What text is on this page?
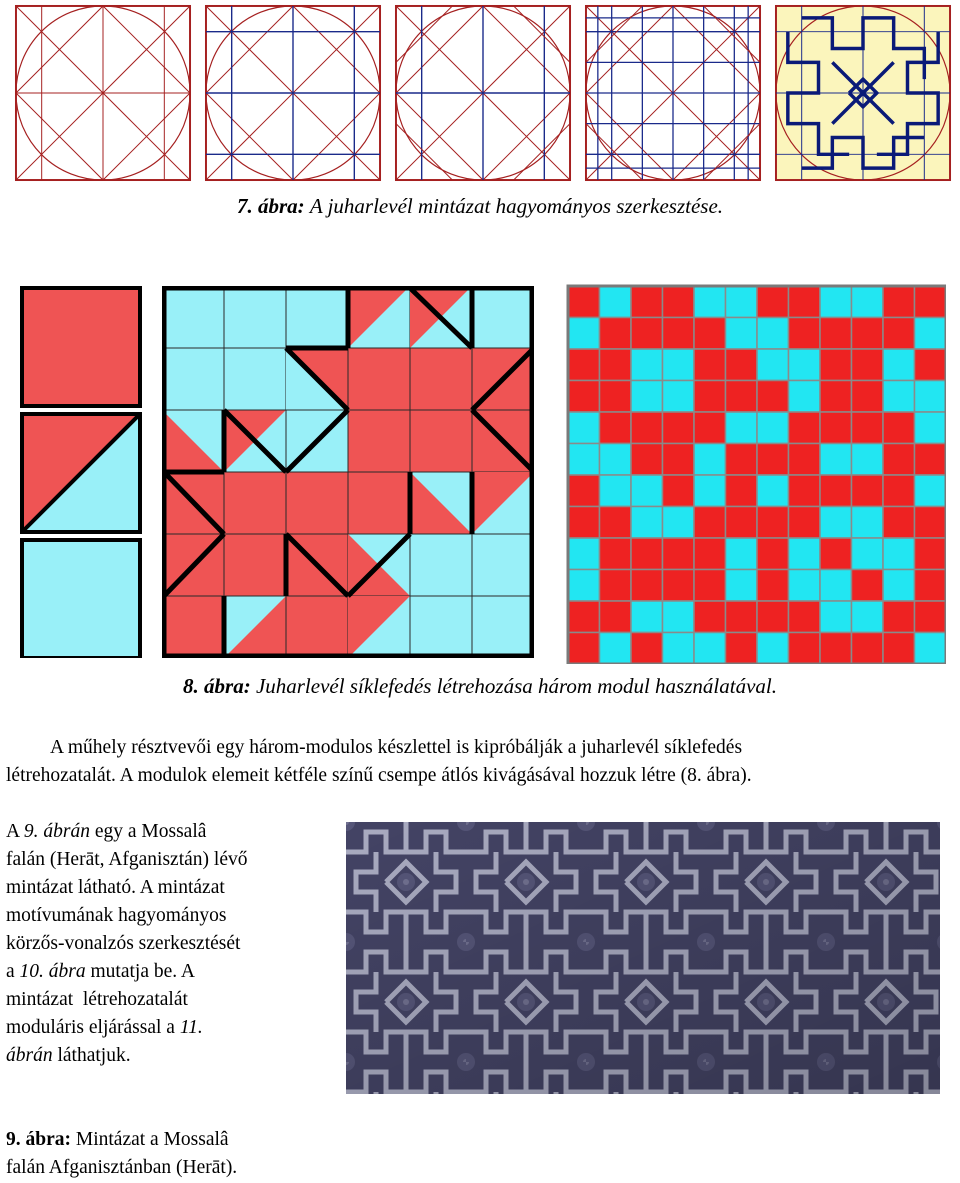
7. ábra: A juharlevél mintázat hagyományos szerkesztése.
8. ábra: Juharlevél síklefedés létrehozása három modul használatával.
A műhely résztvevői egy három-modulos készlettel is kipróbálják a juharlevél síklefedés
létrehozatalát. A modulok elemeit kétféle színű csempe átlós kivágásával hozzuk létre (8. ábra).
A 9. ábrán egy a Mossalâ
falán (Herāt, Afganisztán) lévő
mintázat látható. A mintázat
motívumának hagyományos
körzős-vonalzós szerkesztését
a 10. ábra mutatja be. A
mintázat  létrehozatalát
moduláris eljárással a 11.
ábrán láthatjuk.
9. ábra: Mintázat a Mossalâ
falán Afganisztánban (Herāt).
